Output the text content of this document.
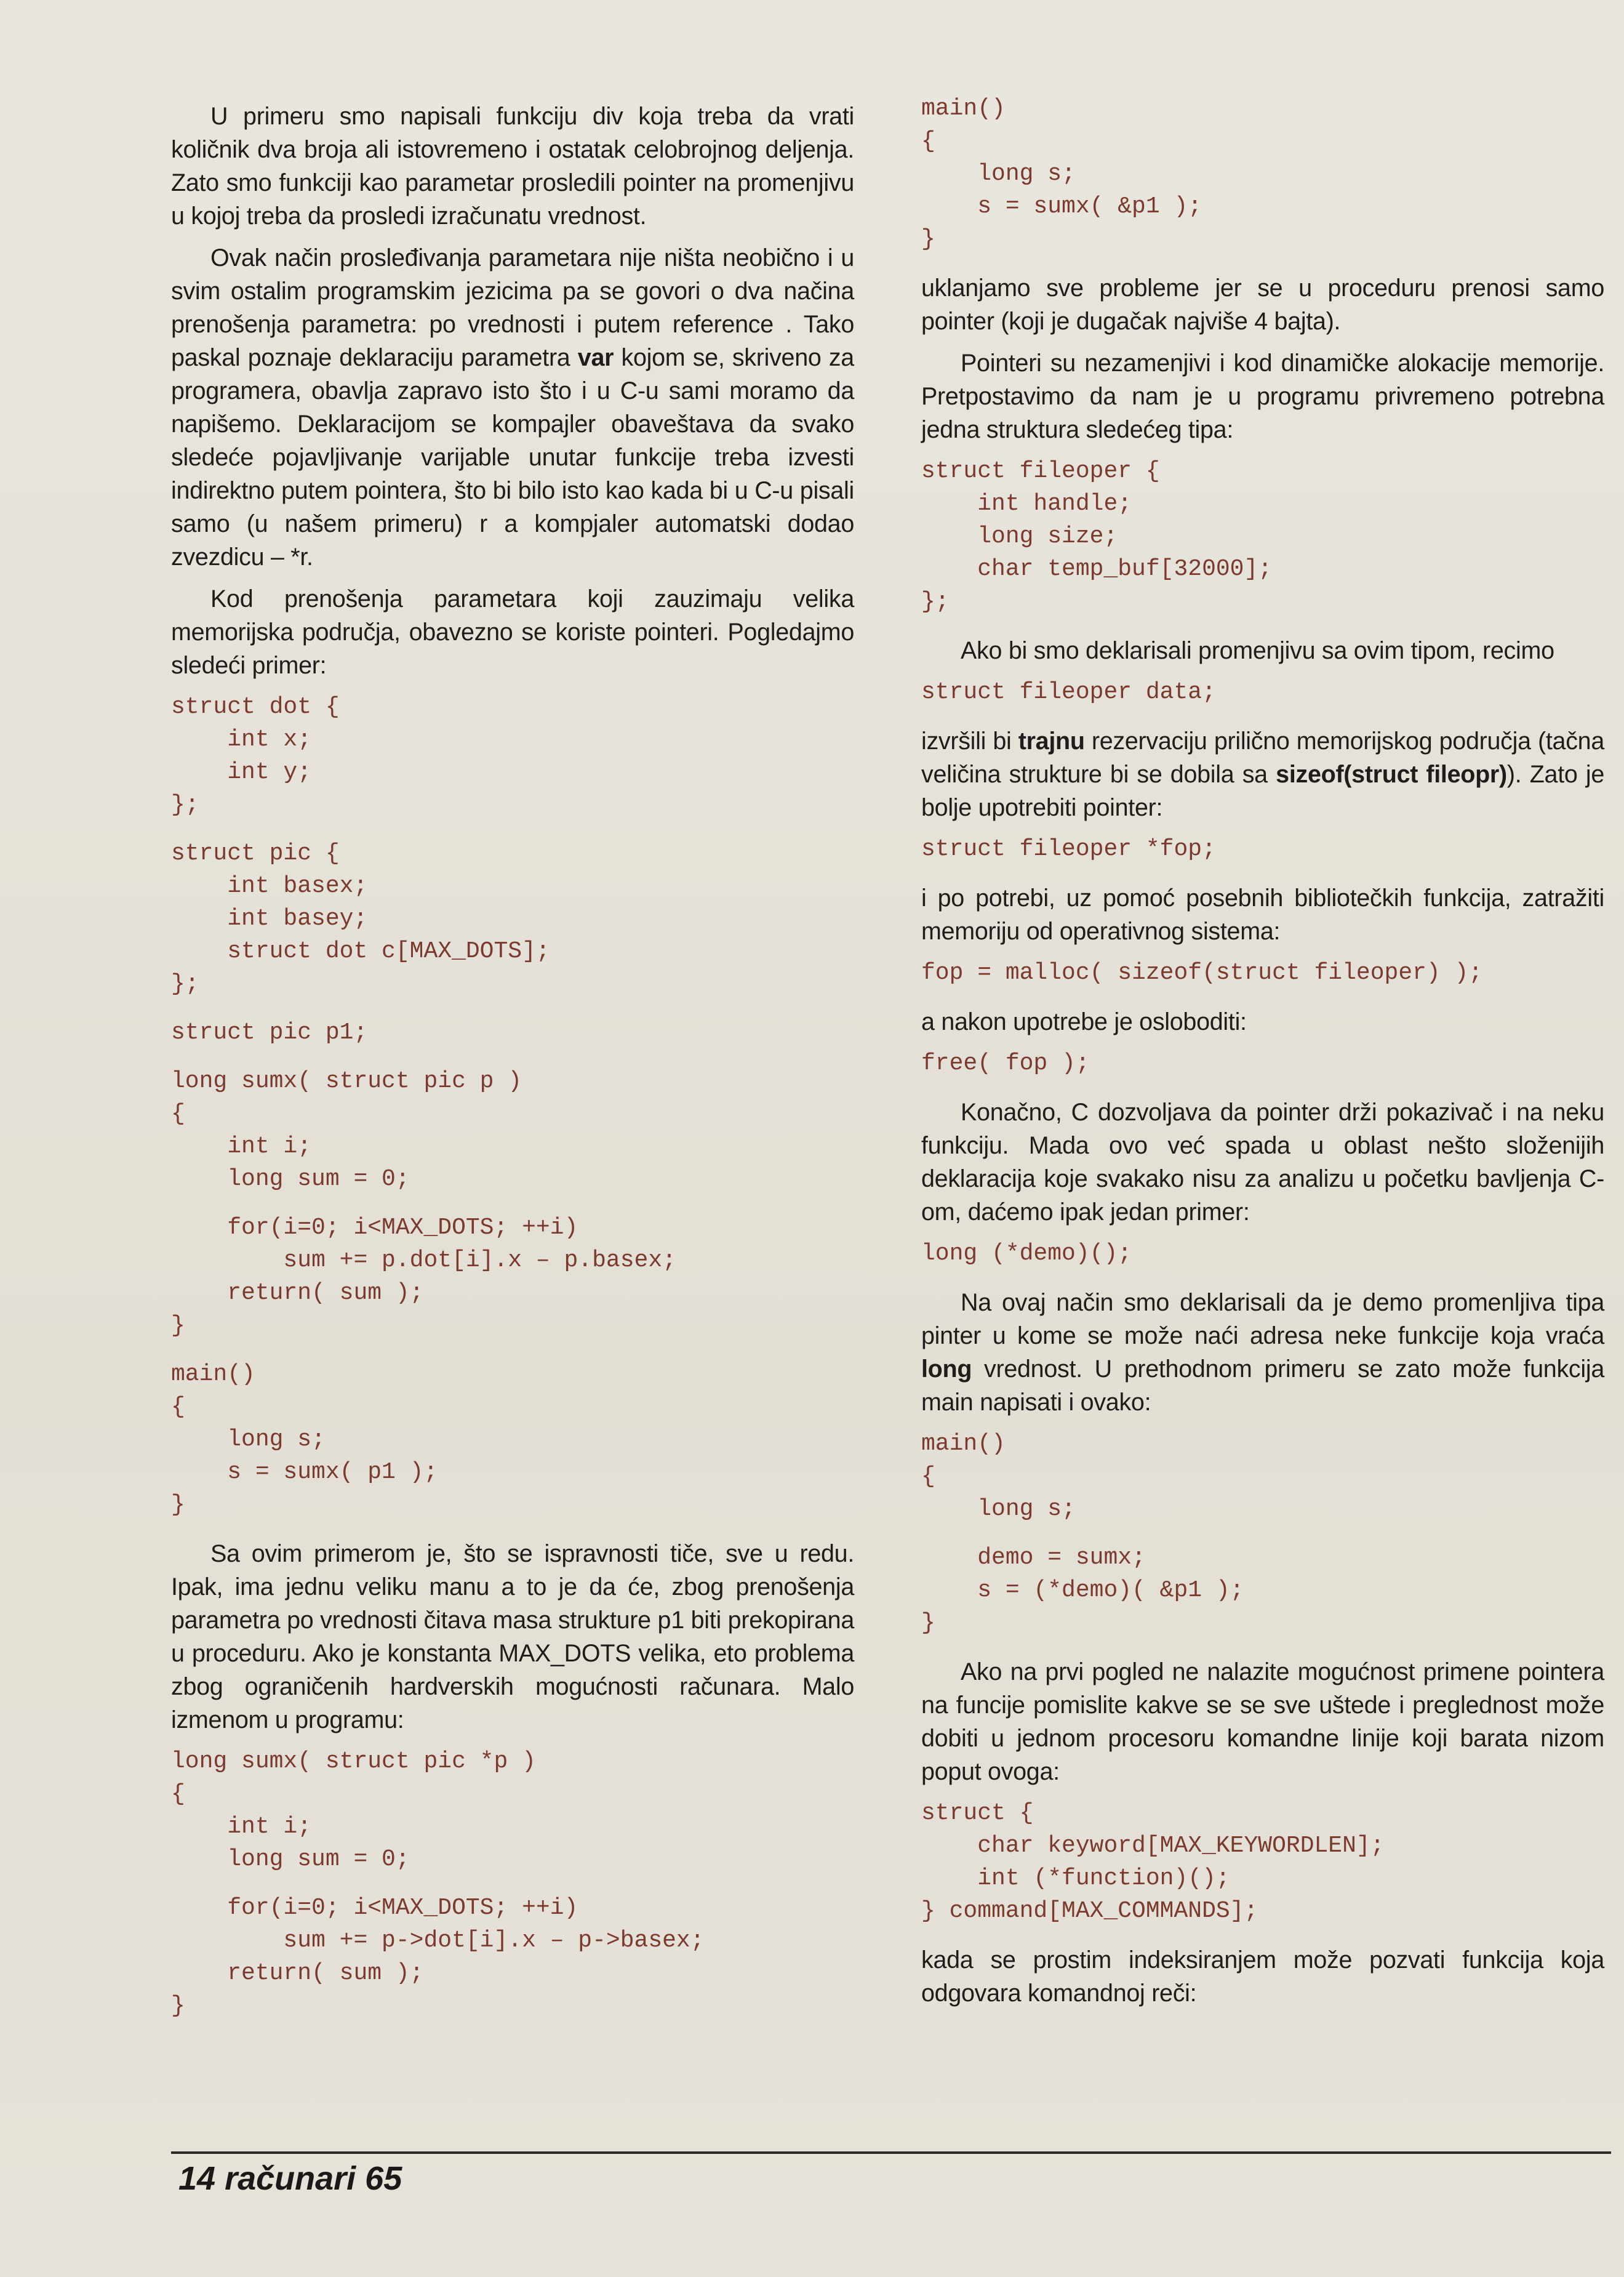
U primeru smo napisali funkciju div koja treba da vrati količnik dva broja ali istovremeno i ostatak celobrojnog deljenja. Zato smo funkciji kao parametar prosledili pointer na promenjivu u kojoj treba da prosledi izračunatu vrednost.

Ovak način prosleđivanja parametara nije ništa neobično i u svim ostalim programskim jezicima pa se govori o dva načina prenošenja parametra: po vrednosti i putem reference . Tako paskal poznaje deklaraciju parametra var kojom se, skriveno za programera, obavlja zapravo isto što i u C-u sami moramo da napišemo. Deklaracijom se kompajler obaveštava da svako sledeće pojavljivanje varijable unutar funkcije treba izvesti indirektno putem pointera, što bi bilo isto kao kada bi u C-u pisali samo (u našem primeru) r a kompjaler automatski dodao zvezdicu – *r.

Kod prenošenja parametara koji zauzimaju velika memorijska područja, obavezno se koriste pointeri. Pogledajmo sledeći primer:

struct dot {
int x;
int y;
};
struct pic {
int basex;
int basey;
struct dot c[MAX_DOTS];
};
struct pic p1;
long sumx( struct pic p )
{
int i;
long sum = 0;
for(i=0; i<MAX_DOTS; ++i)
sum += p.dot[i].x – p.basex;
return( sum );
}
main()
{
long s;
s = sumx( p1 );
}

Sa ovim primerom je, što se ispravnosti tiče, sve u redu. Ipak, ima jednu veliku manu a to je da će, zbog prenošenja parametra po vrednosti čitava masa strukture p1 biti prekopirana u proceduru. Ako je konstanta MAX_DOTS velika, eto problema zbog ograničenih hardverskih mogućnosti računara. Malo izmenom u programu:

long sumx( struct pic *p )
{
int i;
long sum = 0;
for(i=0; i<MAX_DOTS; ++i)
sum += p->dot[i].x – p->basex;
return( sum );
}
main()
{
long s;
s = sumx( &p1 );
}

uklanjamo sve probleme jer se u proceduru prenosi samo pointer (koji je dugačak najviše 4 bajta).

Pointeri su nezamenjivi i kod dinamičke alokacije memorije. Pretpostavimo da nam je u programu privremeno potrebna jedna struktura sledećeg tipa:

struct fileoper {
int handle;
long size;
char temp_buf[32000];
};

Ako bi smo deklarisali promenjivu sa ovim tipom, recimo

struct fileoper data;

izvršili bi trajnu rezervaciju prilično memorijskog područja (tačna veličina strukture bi se dobila sa sizeof(struct fileopr)). Zato je bolje upotrebiti pointer:

struct fileoper *fop;

i po potrebi, uz pomoć posebnih bibliotečkih funkcija, zatražiti memoriju od operativnog sistema:

fop = malloc( sizeof(struct fileoper) );

a nakon upotrebe je osloboditi:

free( fop );

Konačno, C dozvoljava da pointer drži pokazivač i na neku funkciju. Mada ovo već spada u oblast nešto složenijih deklaracija koje svakako nisu za analizu u početku bavljenja C-om, daćemo ipak jedan primer:

long (*demo)();

Na ovaj način smo deklarisali da je demo promenljiva tipa pinter u kome se može naći adresa neke funkcije koja vraća long vrednost. U prethodnom primeru se zato može funkcija main napisati i ovako:

main()
{
long s;
demo = sumx;
s = (*demo)( &p1 );
}

Ako na prvi pogled ne nalazite mogućnost primene pointera na funcije pomislite kakve se se sve uštede i preglednost može dobiti u jednom procesoru komandne linije koji barata nizom poput ovoga:

struct {
char keyword[MAX_KEYWORDLEN];
int (*function)();
} command[MAX_COMMANDS];

kada se prostim indeksiranjem može pozvati funkcija koja odgovara komandnoj reči:

14 računari 65
